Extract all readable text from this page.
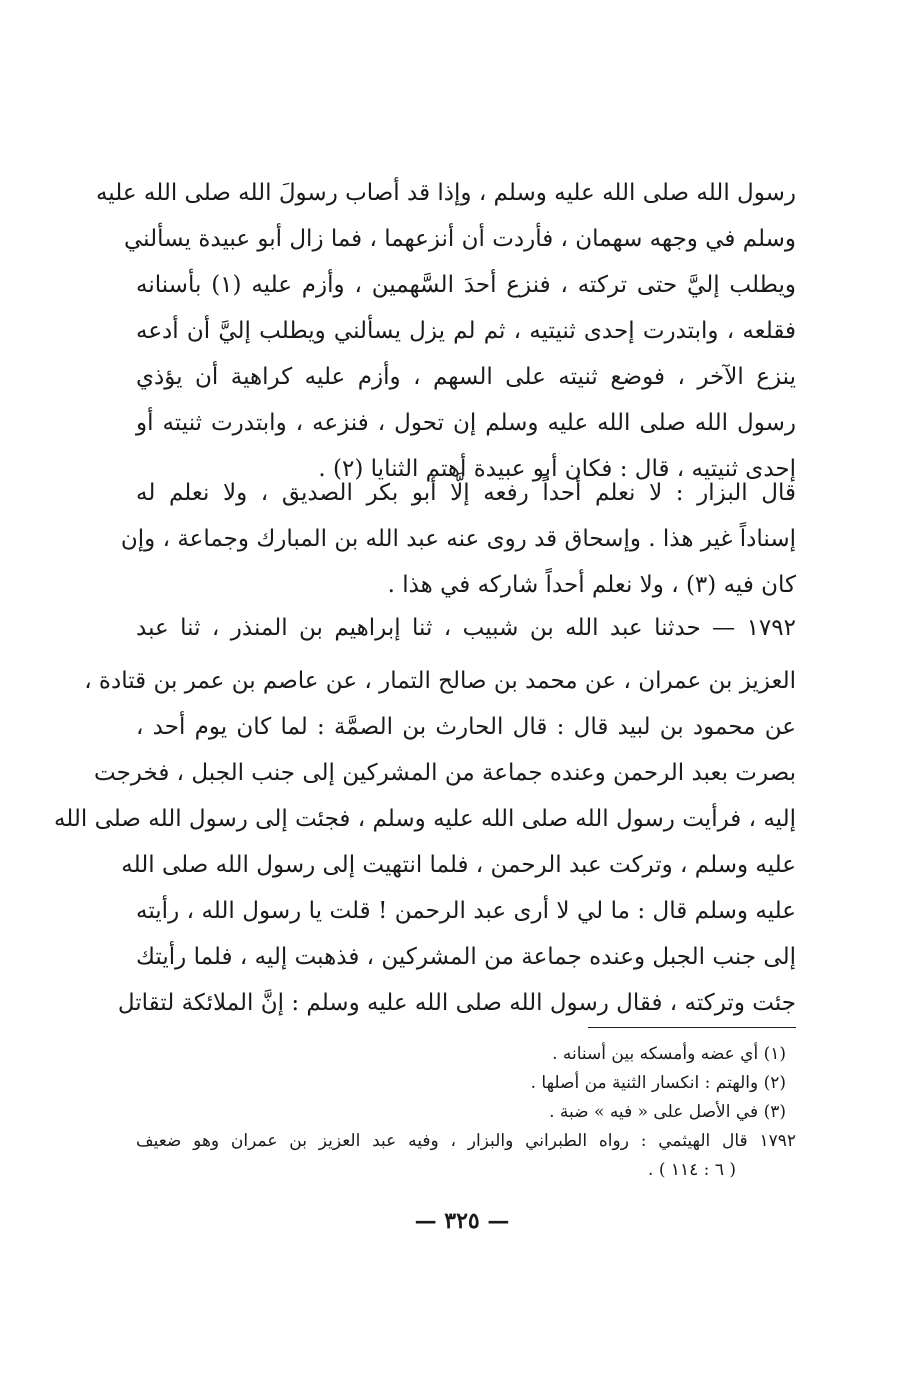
رسول الله صلى الله عليه وسلم ، وإذا قد أصاب رسولَ الله صلى الله عليه
وسلم في وجهه سهمان ، فأردت أن أنزعهما ، فما زال أبو عبيدة يسألني
ويطلب إليَّ حتى تركته ، فنزع أحدَ السَّهمين ، وأزم عليه (١) بأسنانه
فقلعه ، وابتدرت إحدى ثنيتيه ، ثم لم يزل يسألني ويطلب إليَّ أن أدعه
ينزع الآخر ، فوضع ثنيته على السهم ، وأزم عليه كراهية أن يؤذي
رسول الله صلى الله عليه وسلم إن تحول ، فنزعه ، وابتدرت ثنيته أو
إحدى ثنيتيه ، قال : فكان أبو عبيدة أهتم الثنايا (٢) .
قال البزار : لا نعلم أحداً رفعه إلَّا أبو بكر الصديق ، ولا نعلم له
إسناداً غير هذا . وإسحاق قد روى عنه عبد الله بن المبارك وجماعة ، وإن
كان فيه (٣) ، ولا نعلم أحداً شاركه في هذا .
١٧٩٢ — حدثنا عبد الله بن شبيب ، ثنا إبراهيم بن المنذر ، ثنا عبد
العزيز بن عمران ، عن محمد بن صالح التمار ، عن عاصم بن عمر بن قتادة ،
عن محمود بن لبيد قال : قال الحارث بن الصمَّة : لما كان يوم أحد ،
بصرت بعبد الرحمن وعنده جماعة من المشركين إلى جنب الجبل ، فخرجت
إليه ، فرأيت رسول الله صلى الله عليه وسلم ، فجئت إلى رسول الله صلى الله
عليه وسلم ، وتركت عبد الرحمن ، فلما انتهيت إلى رسول الله صلى الله
عليه وسلم قال : ما لي لا أرى عبد الرحمن ! قلت يا رسول الله ، رأيته
إلى جنب الجبل وعنده جماعة من المشركين ، فذهبت إليه ، فلما رأيتك
جئت وتركته ، فقال رسول الله صلى الله عليه وسلم : إنَّ الملائكة لتقاتل
(١) أي عضه وأمسكه بين أسنانه .
(٢) والهتم : انكسار الثنية من أصلها .
(٣) في الأصل على « فيه » ضبة .
١٧٩٢ قال الهيثمي : رواه الطبراني والبزار ، وفيه عبد العزيز بن عمران وهو ضعيف
( ٦ : ١١٤ ) .
— ٣٢٥ —
